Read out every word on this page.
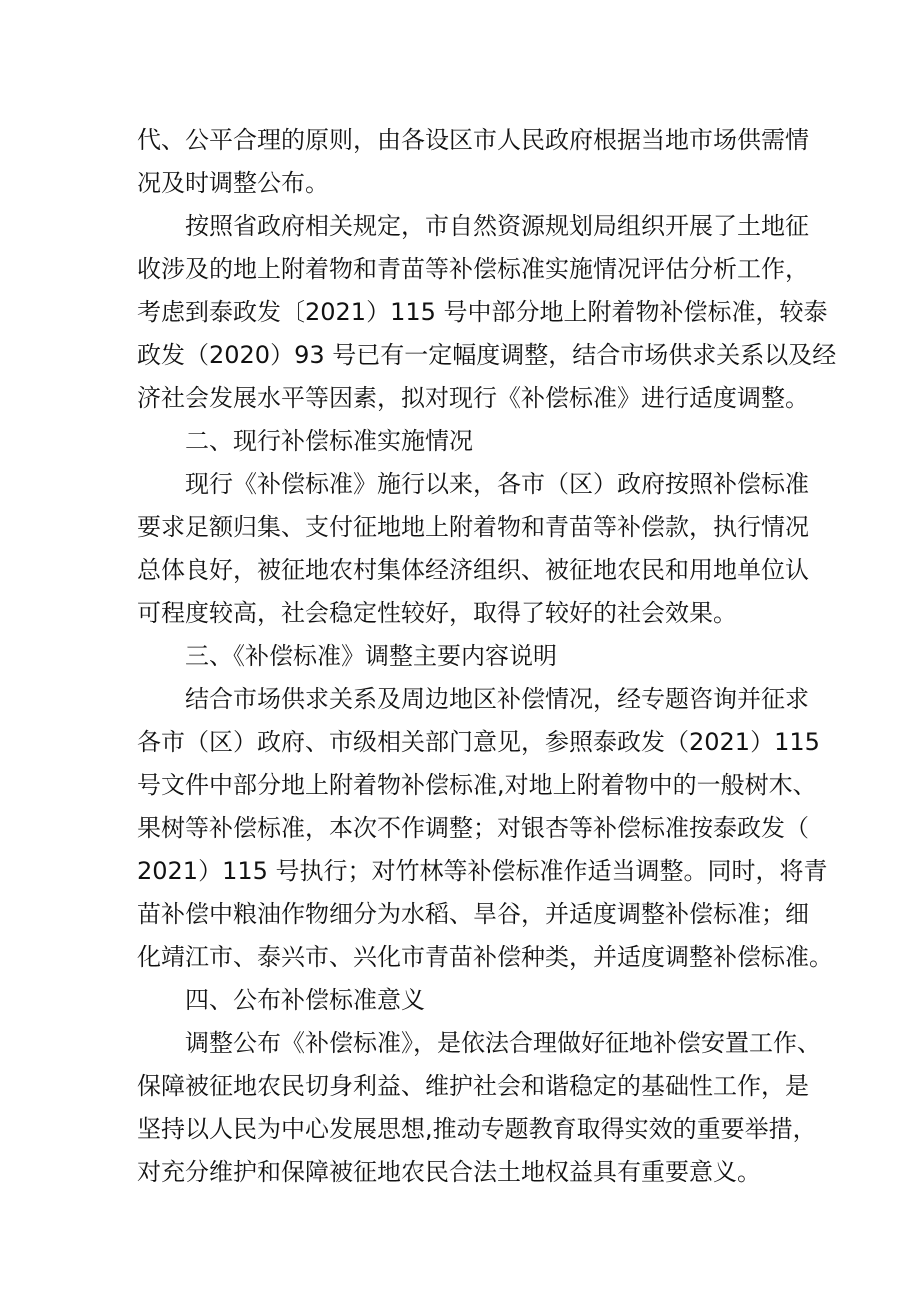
代、公平合理的原则，由各设区市人民政府根据当地市场供需情

况及时调整公布。

按照省政府相关规定，市自然资源规划局组织开展了土地征

收涉及的地上附着物和青苗等补偿标准实施情况评估分析工作，

考虑到泰政发〔2021）115 号中部分地上附着物补偿标准，较泰

政发（2020）93 号已有一定幅度调整，结合市场供求关系以及经

济社会发展水平等因素，拟对现行《补偿标准》进行适度调整。

二、现行补偿标准实施情况

现行《补偿标准》施行以来，各市（区）政府按照补偿标准

要求足额归集、支付征地地上附着物和青苗等补偿款，执行情况

总体良好，被征地农村集体经济组织、被征地农民和用地单位认

可程度较高，社会稳定性较好，取得了较好的社会效果。

三、《补偿标准》调整主要内容说明

结合市场供求关系及周边地区补偿情况，经专题咨询并征求

各市（区）政府、市级相关部门意见，参照泰政发（2021）115

号文件中部分地上附着物补偿标准,对地上附着物中的一般树木、

果树等补偿标准，本次不作调整；对银杏等补偿标准按泰政发（

2021）115 号执行；对竹林等补偿标准作适当调整。同时，将青

苗补偿中粮油作物细分为水稻、旱谷，并适度调整补偿标准；细

化靖江市、泰兴市、兴化市青苗补偿种类，并适度调整补偿标准。

四、公布补偿标准意义

调整公布《补偿标准》，是依法合理做好征地补偿安置工作、

保障被征地农民切身利益、维护社会和谐稳定的基础性工作，是

坚持以人民为中心发展思想,推动专题教育取得实效的重要举措，

对充分维护和保障被征地农民合法土地权益具有重要意义。
